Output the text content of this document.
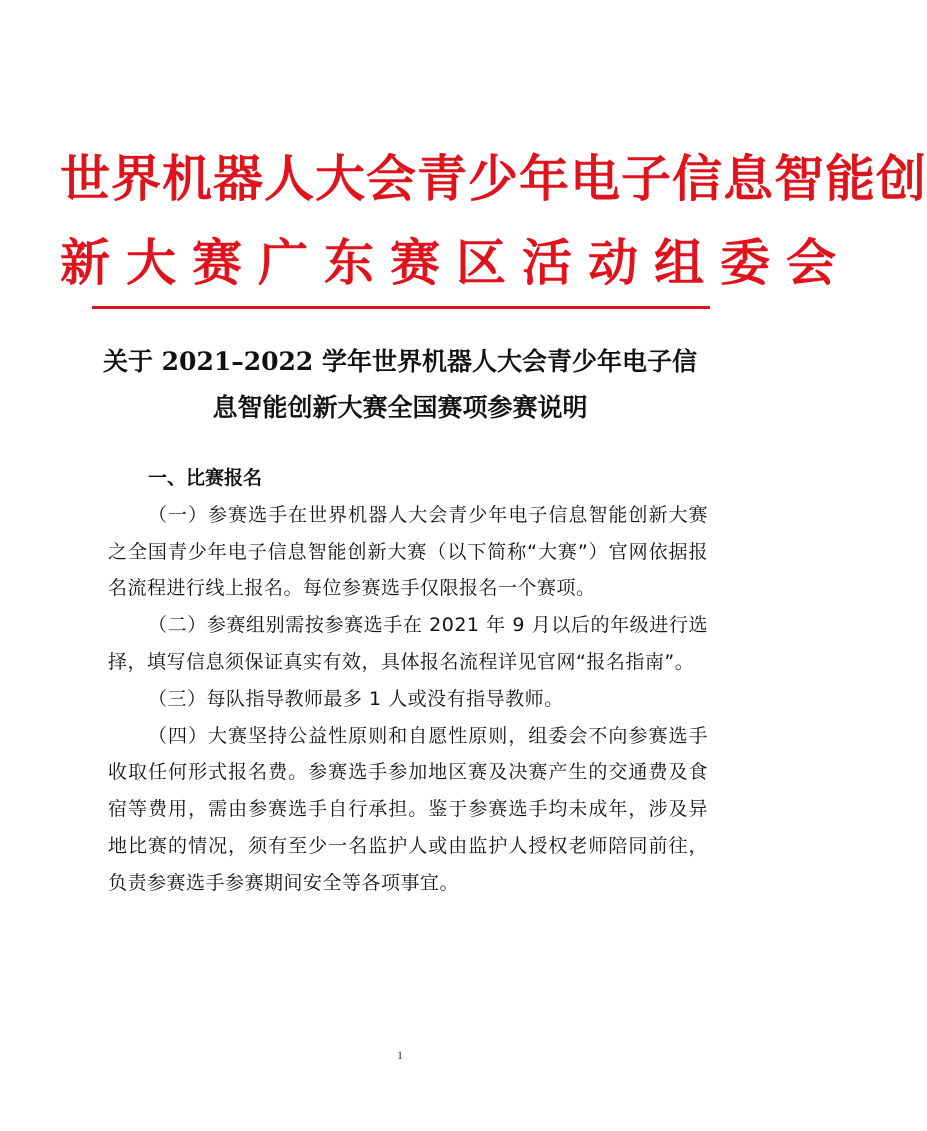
世界机器人大会青少年电子信息智能创
新大赛广东赛区活动组委会
关于 2021–2022 学年世界机器人大会青少年电子信
息智能创新大赛全国赛项参赛说明
一、比赛报名

（一）参赛选手在世界机器人大会青少年电子信息智能创新大赛之全国青少年电子信息智能创新大赛（以下简称“大赛”）官网依据报名流程进行线上报名。每位参赛选手仅限报名一个赛项。

（二）参赛组别需按参赛选手在 2021 年 9 月以后的年级进行选择，填写信息须保证真实有效，具体报名流程详见官网“报名指南”。

（三）每队指导教师最多 1 人或没有指导教师。

（四）大赛坚持公益性原则和自愿性原则，组委会不向参赛选手收取任何形式报名费。参赛选手参加地区赛及决赛产生的交通费及食宿等费用，需由参赛选手自行承担。鉴于参赛选手均未成年，涉及异地比赛的情况，须有至少一名监护人或由监护人授权老师陪同前往，负责参赛选手参赛期间安全等各项事宜。

1
